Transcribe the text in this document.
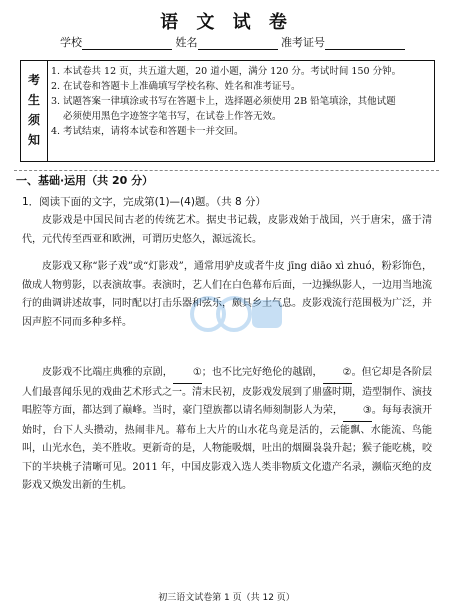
语 文 试 卷
学校	姓名	准考证号
考
生
须
知
1. 本试卷共 12 页，共五道大题，20 道小题，满分 120 分。考试时间 150 分钟。
2. 在试卷和答题卡上准确填写学校名称、姓名和准考证号。
3. 试题答案一律填涂或书写在答题卡上，选择题必须使用 2B 铅笔填涂，其他试题
必须使用黑色字迹签字笔书写，在试卷上作答无效。
4. 考试结束，请将本试卷和答题卡一并交回。
一、基础·运用（共 20 分）
1．阅读下面的文字，完成第(1)—(4)题。（共 8 分）
皮影戏是中国民间古老的传统艺术。据史书记载，皮影戏始于战国，兴于唐宋，盛于清代，元代传至西亚和欧洲，可谓历史悠久，源远流长。
皮影戏又称“影子戏”或“灯影戏”，通常用驴皮或者牛皮 jīng diāo xì zhuó，粉彩饰色，做成人物剪影，以表演故事。表演时，艺人们在白色幕布后面，一边操纵影人，一边用当地流行的曲调讲述故事，同时配以打击乐器和弦乐，颇具乡土气息。皮影戏流行范围极为广泛，并因声腔不同而多种多样。
皮影戏不比端庄典雅的京剧， ①；也不比完好绝伦的越剧， ②。但它却是各阶层人们最喜闻乐见的戏曲艺术形式之一。清末民初，皮影戏发展到了鼎盛时期，造型制作、演技唱腔等方面，都达到了巅峰。当时，豪门望族都以请名师刻制影人为荣， ③。每每表演开始时，台下人头攒动，热闹非凡。幕布上大片的山水花鸟竟是活的，云能飘、水能流、鸟能叫，山光水色，美不胜收。更新奇的是，人物能吸烟，吐出的烟圈袅袅升起；猴子能吃桃，咬下的半块桃子清晰可见。2011 年，中国皮影戏入选人类非物质文化遗产名录，濒临灭绝的皮影戏又焕发出新的生机。
初三语文试卷第 1 页（共 12 页）
